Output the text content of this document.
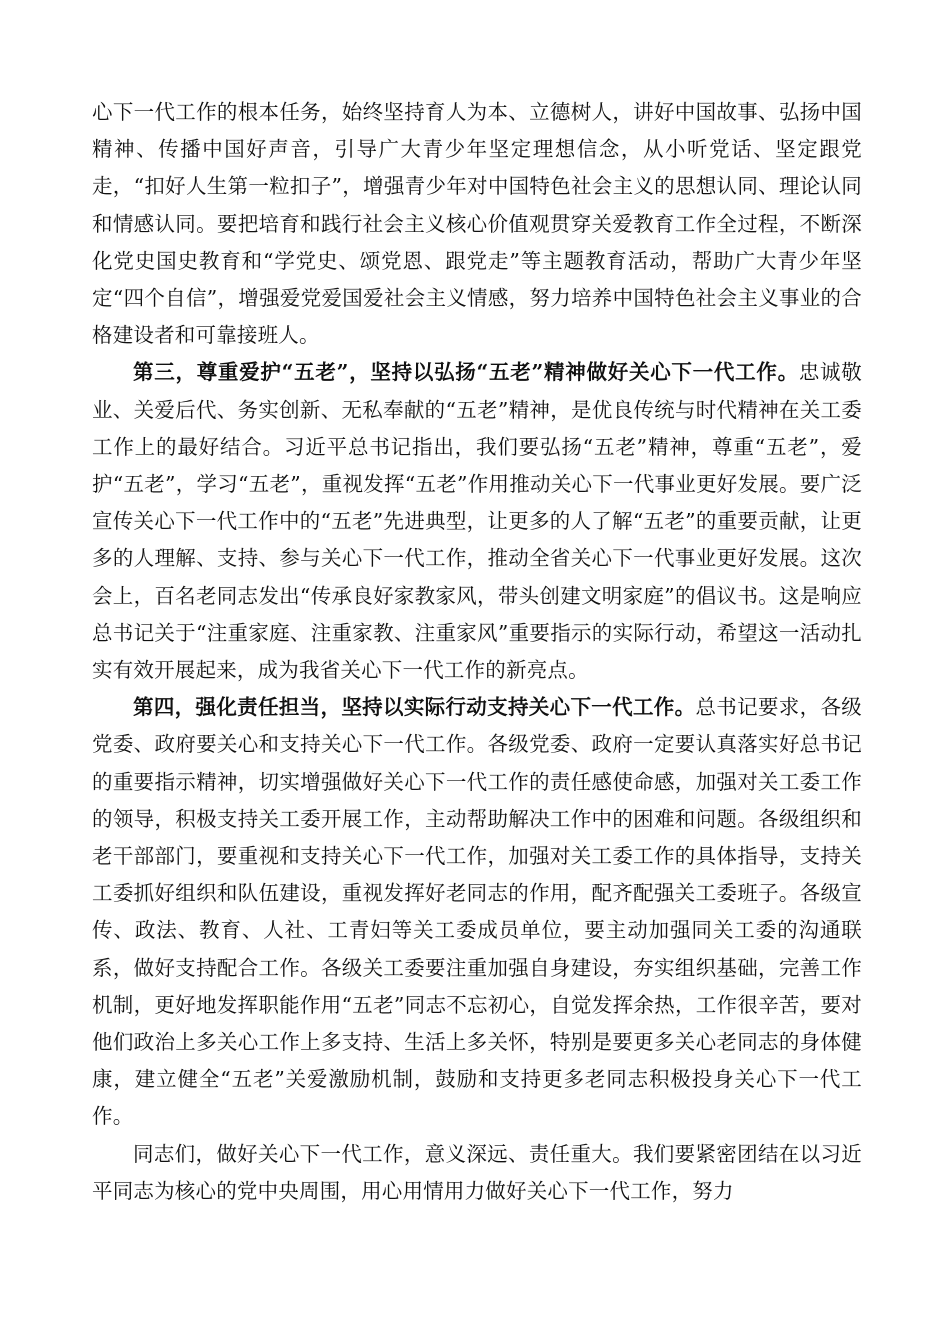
心下一代工作的根本任务，始终坚持育人为本、立德树人，讲好中国故事、弘扬中国精神、传播中国好声音，引导广大青少年坚定理想信念，从小听党话、坚定跟党走，“扣好人生第一粒扣子”，增强青少年对中国特色社会主义的思想认同、理论认同和情感认同。要把培育和践行社会主义核心价值观贯穿关爱教育工作全过程，不断深化党史国史教育和“学党史、颂党恩、跟党走”等主题教育活动，帮助广大青少年坚定“四个自信”，增强爱党爱国爱社会主义情感，努力培养中国特色社会主义事业的合格建设者和可靠接班人。

第三，尊重爱护“五老”，坚持以弘扬“五老”精神做好关心下一代工作。忠诚敬业、关爱后代、务实创新、无私奉献的“五老”精神，是优良传统与时代精神在关工委工作上的最好结合。习近平总书记指出，我们要弘扬“五老”精神，尊重“五老”，爱护“五老”，学习“五老”，重视发挥“五老”作用推动关心下一代事业更好发展。要广泛宣传关心下一代工作中的“五老”先进典型，让更多的人了解“五老”的重要贡献，让更多的人理解、支持、参与关心下一代工作，推动全省关心下一代事业更好发展。这次会上，百名老同志发出“传承良好家教家风，带头创建文明家庭”的倡议书。这是响应总书记关于“注重家庭、注重家教、注重家风”重要指示的实际行动，希望这一活动扎实有效开展起来，成为我省关心下一代工作的新亮点。

第四，强化责任担当，坚持以实际行动支持关心下一代工作。总书记要求，各级党委、政府要关心和支持关心下一代工作。各级党委、政府一定要认真落实好总书记的重要指示精神，切实增强做好关心下一代工作的责任感使命感，加强对关工委工作的领导，积极支持关工委开展工作，主动帮助解决工作中的困难和问题。各级组织和老干部部门，要重视和支持关心下一代工作，加强对关工委工作的具体指导，支持关工委抓好组织和队伍建设，重视发挥好老同志的作用，配齐配强关工委班子。各级宣传、政法、教育、人社、工青妇等关工委成员单位，要主动加强同关工委的沟通联系，做好支持配合工作。各级关工委要注重加强自身建设，夯实组织基础，完善工作机制，更好地发挥职能作用“五老”同志不忘初心，自觉发挥余热，工作很辛苦，要对他们政治上多关心工作上多支持、生活上多关怀，特别是要更多关心老同志的身体健康，建立健全“五老”关爱激励机制，鼓励和支持更多老同志积极投身关心下一代工作。

同志们，做好关心下一代工作，意义深远、责任重大。我们要紧密团结在以习近平同志为核心的党中央周围，用心用情用力做好关心下一代工作，努力
